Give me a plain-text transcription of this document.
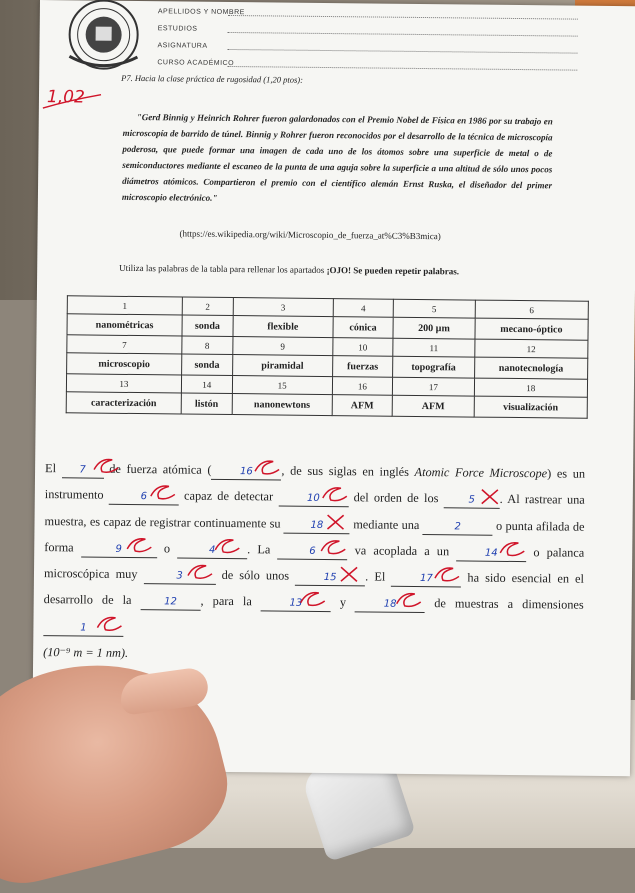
APELLIDOS Y NOMBRE
ESTUDIOS
ASIGNATURA
CURSO ACADÉMICO
1,02
P7. Hacia la clase práctica de rugosidad (1,20 ptos):
"Gerd Binnig y Heinrich Rohrer fueron galardonados con el Premio Nobel de Física en 1986 por su trabajo en microscopía de barrido de túnel. Binnig y Rohrer fueron reconocidos por el desarrollo de la técnica de microscopía poderosa, que puede formar una imagen de cada uno de los átomos sobre una superficie de metal o de semiconductores mediante el escaneo de la punta de una aguja sobre la superficie a una altitud de sólo unos pocos diámetros atómicos. Compartieron el premio con el científico alemán Ernst Ruska, el diseñador del primer microscopio electrónico."
(https://es.wikipedia.org/wiki/Microscopio_de_fuerza_at%C3%B3mica)
Utiliza las palabras de la tabla para rellenar los apartados ¡OJO! Se pueden repetir palabras.
1	2	3	4	5	6
nanométricas	sonda	flexible	cónica	200 µm	mecano-óptico
7	8	9	10	11	12
microscopio	sonda	piramidal	fuerzas	topografía	nanotecnología
13	14	15	16	17	18
caracterización	listón	nanonewtons	AFM	AFM	visualización
El 7
de fuerza atómica (	16 , de sus siglas en inglés Atomic Force Microscope) es un instrumento	6	capaz de detectar	10
del orden de los 5 . Al rastrear una muestra, es capaz de registrar continuamente su	18
mediante una	2	o punta afilada de forma	9	o	4	. La	6	va acoplada a un	14
o palanca microscópica muy	3	de sólo unos	15 . El	17
ha sido esencial en el desarrollo de la 12 , para la	13
y	18
de muestras a dimensiones 1

(10⁻⁹ m = 1 nm).
